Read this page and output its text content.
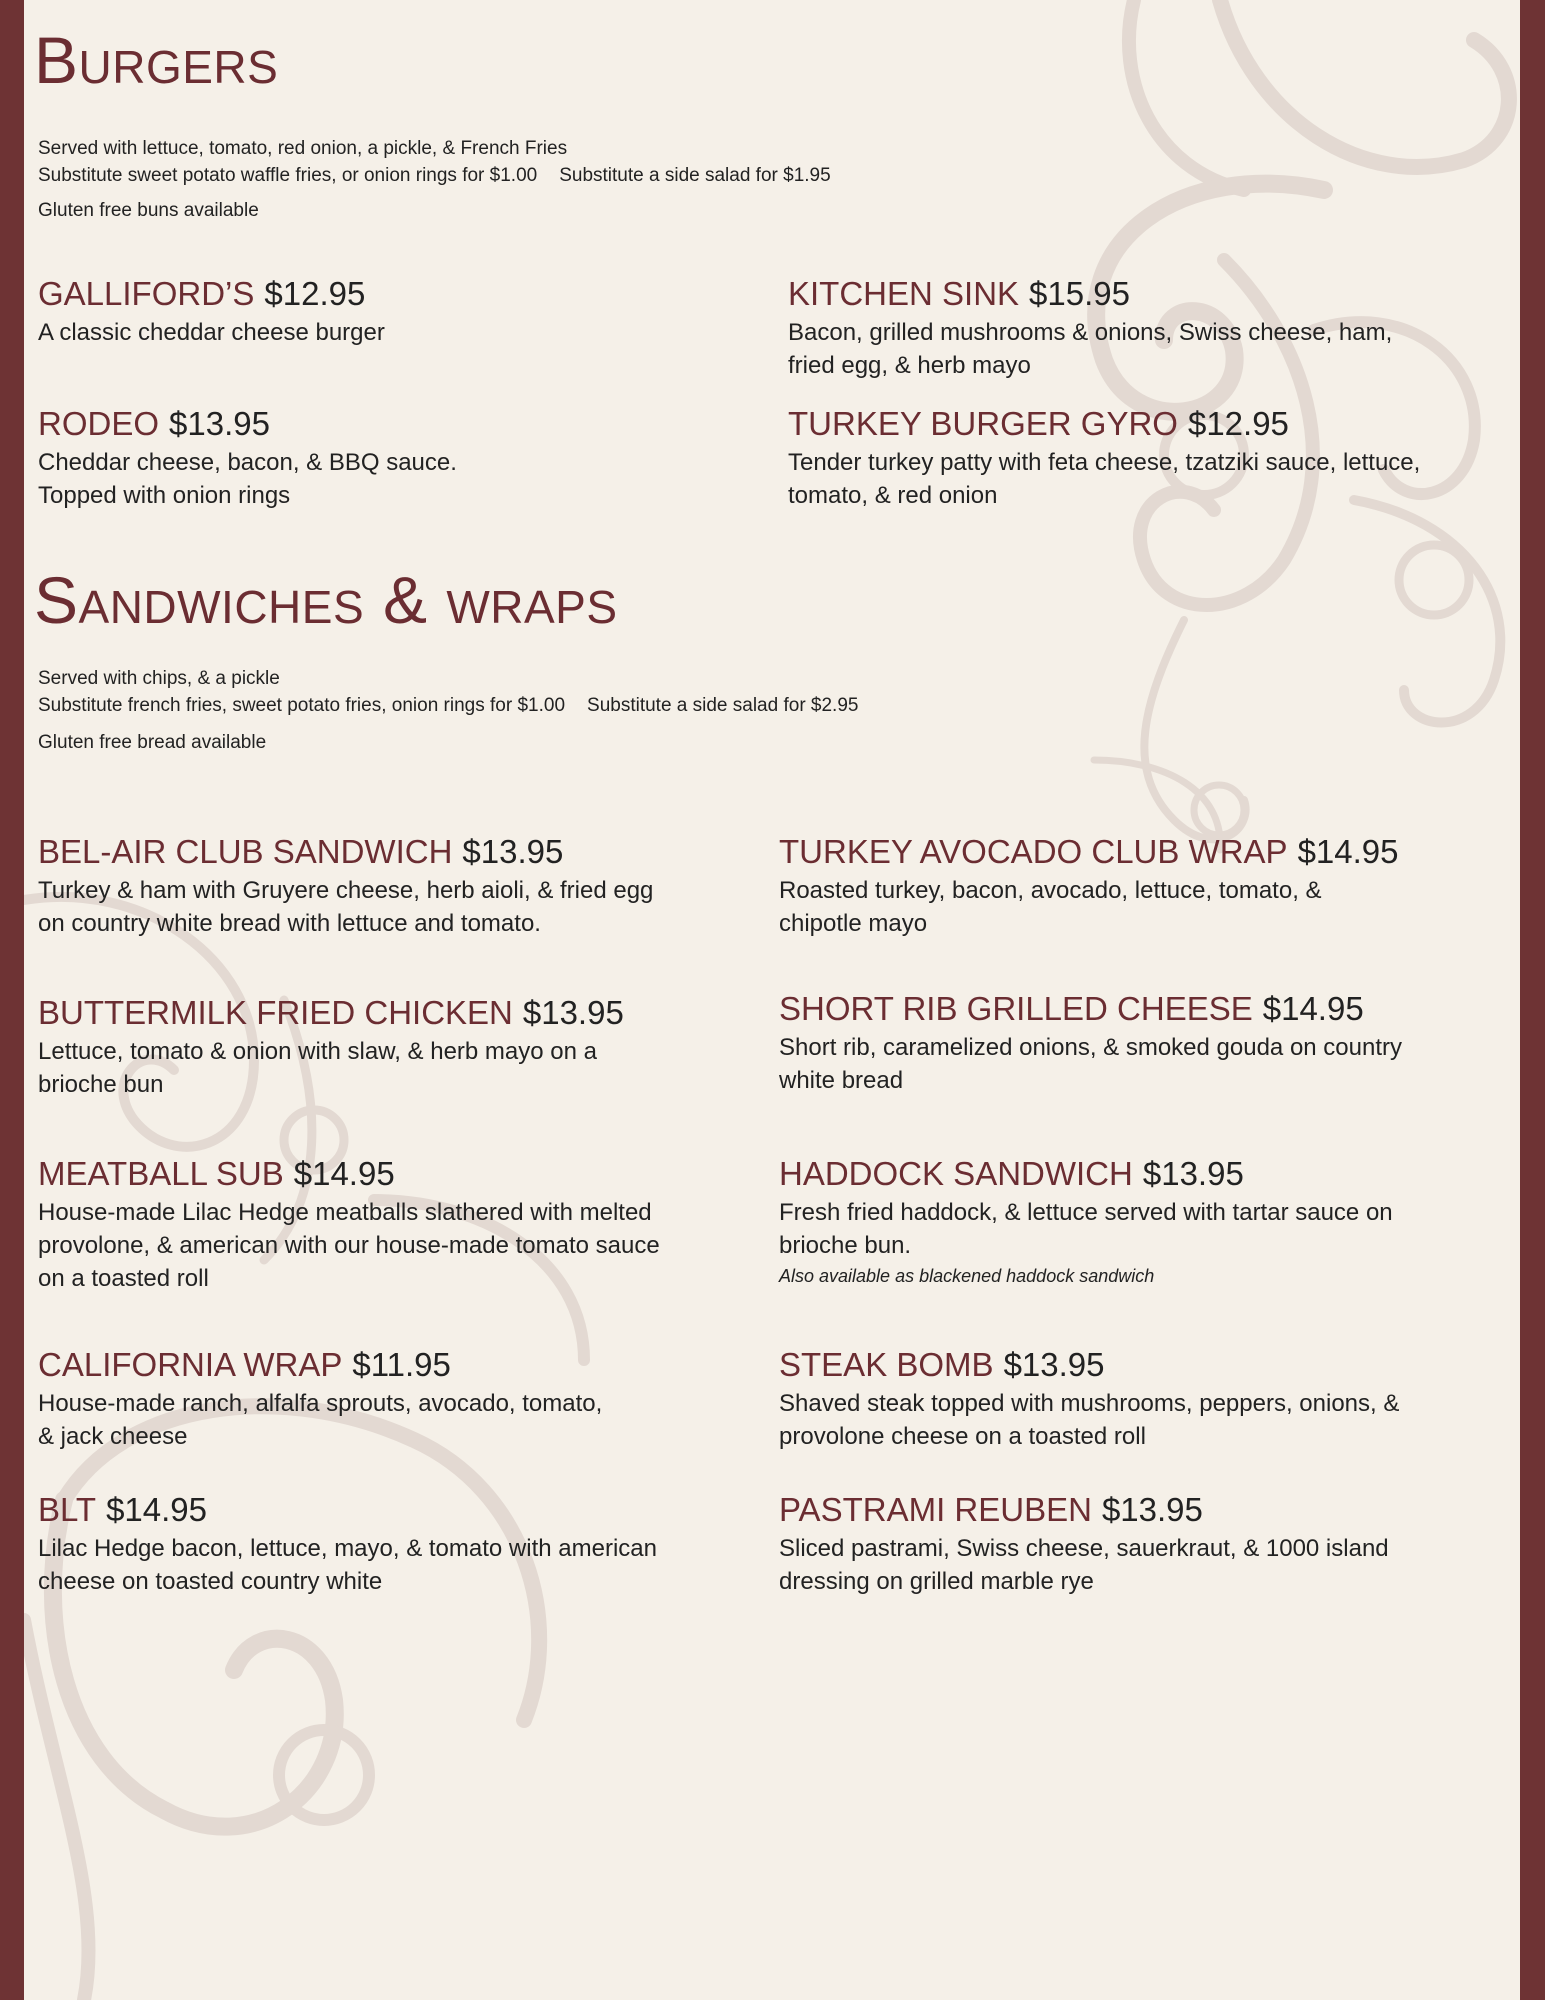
Burgers
Served with lettuce, tomato, red onion, a pickle, & French Fries
Substitute sweet potato waffle fries, or onion rings for $1.00 Substitute a side salad for $1.95
Gluten free buns available
GALLIFORD’S $12.95
A classic cheddar cheese burger
KITCHEN SINK $15.95
Bacon, grilled mushrooms & onions, Swiss cheese, ham,
fried egg, & herb mayo
RODEO $13.95
Cheddar cheese, bacon, & BBQ sauce.
Topped with onion rings
TURKEY BURGER GYRO $12.95
Tender turkey patty with feta cheese, tzatziki sauce, lettuce,
tomato, & red onion
Sandwiches & wraps
Served with chips, & a pickle
Substitute french fries, sweet potato fries, onion rings for $1.00 Substitute a side salad for $2.95
Gluten free bread available
BEL-AIR CLUB SANDWICH $13.95
Turkey & ham with Gruyere cheese, herb aioli, & fried egg
on country white bread with lettuce and tomato.
TURKEY AVOCADO CLUB WRAP $14.95
Roasted turkey, bacon, avocado, lettuce, tomato, &
chipotle mayo
BUTTERMILK FRIED CHICKEN $13.95
Lettuce, tomato & onion with slaw, & herb mayo on a
brioche bun
SHORT RIB GRILLED CHEESE $14.95
Short rib, caramelized onions, & smoked gouda on country
white bread
MEATBALL SUB $14.95
House-made Lilac Hedge meatballs slathered with melted
provolone, & american with our house-made tomato sauce
on a toasted roll
HADDOCK SANDWICH $13.95
Fresh fried haddock, & lettuce served with tartar sauce on
brioche bun.
Also available as blackened haddock sandwich
CALIFORNIA WRAP $11.95
House-made ranch, alfalfa sprouts, avocado, tomato,
& jack cheese
STEAK BOMB $13.95
Shaved steak topped with mushrooms, peppers, onions, &
provolone cheese on a toasted roll
BLT $14.95
Lilac Hedge bacon, lettuce, mayo, & tomato with american
cheese on toasted country white
PASTRAMI REUBEN $13.95
Sliced pastrami, Swiss cheese, sauerkraut, & 1000 island
dressing on grilled marble rye
